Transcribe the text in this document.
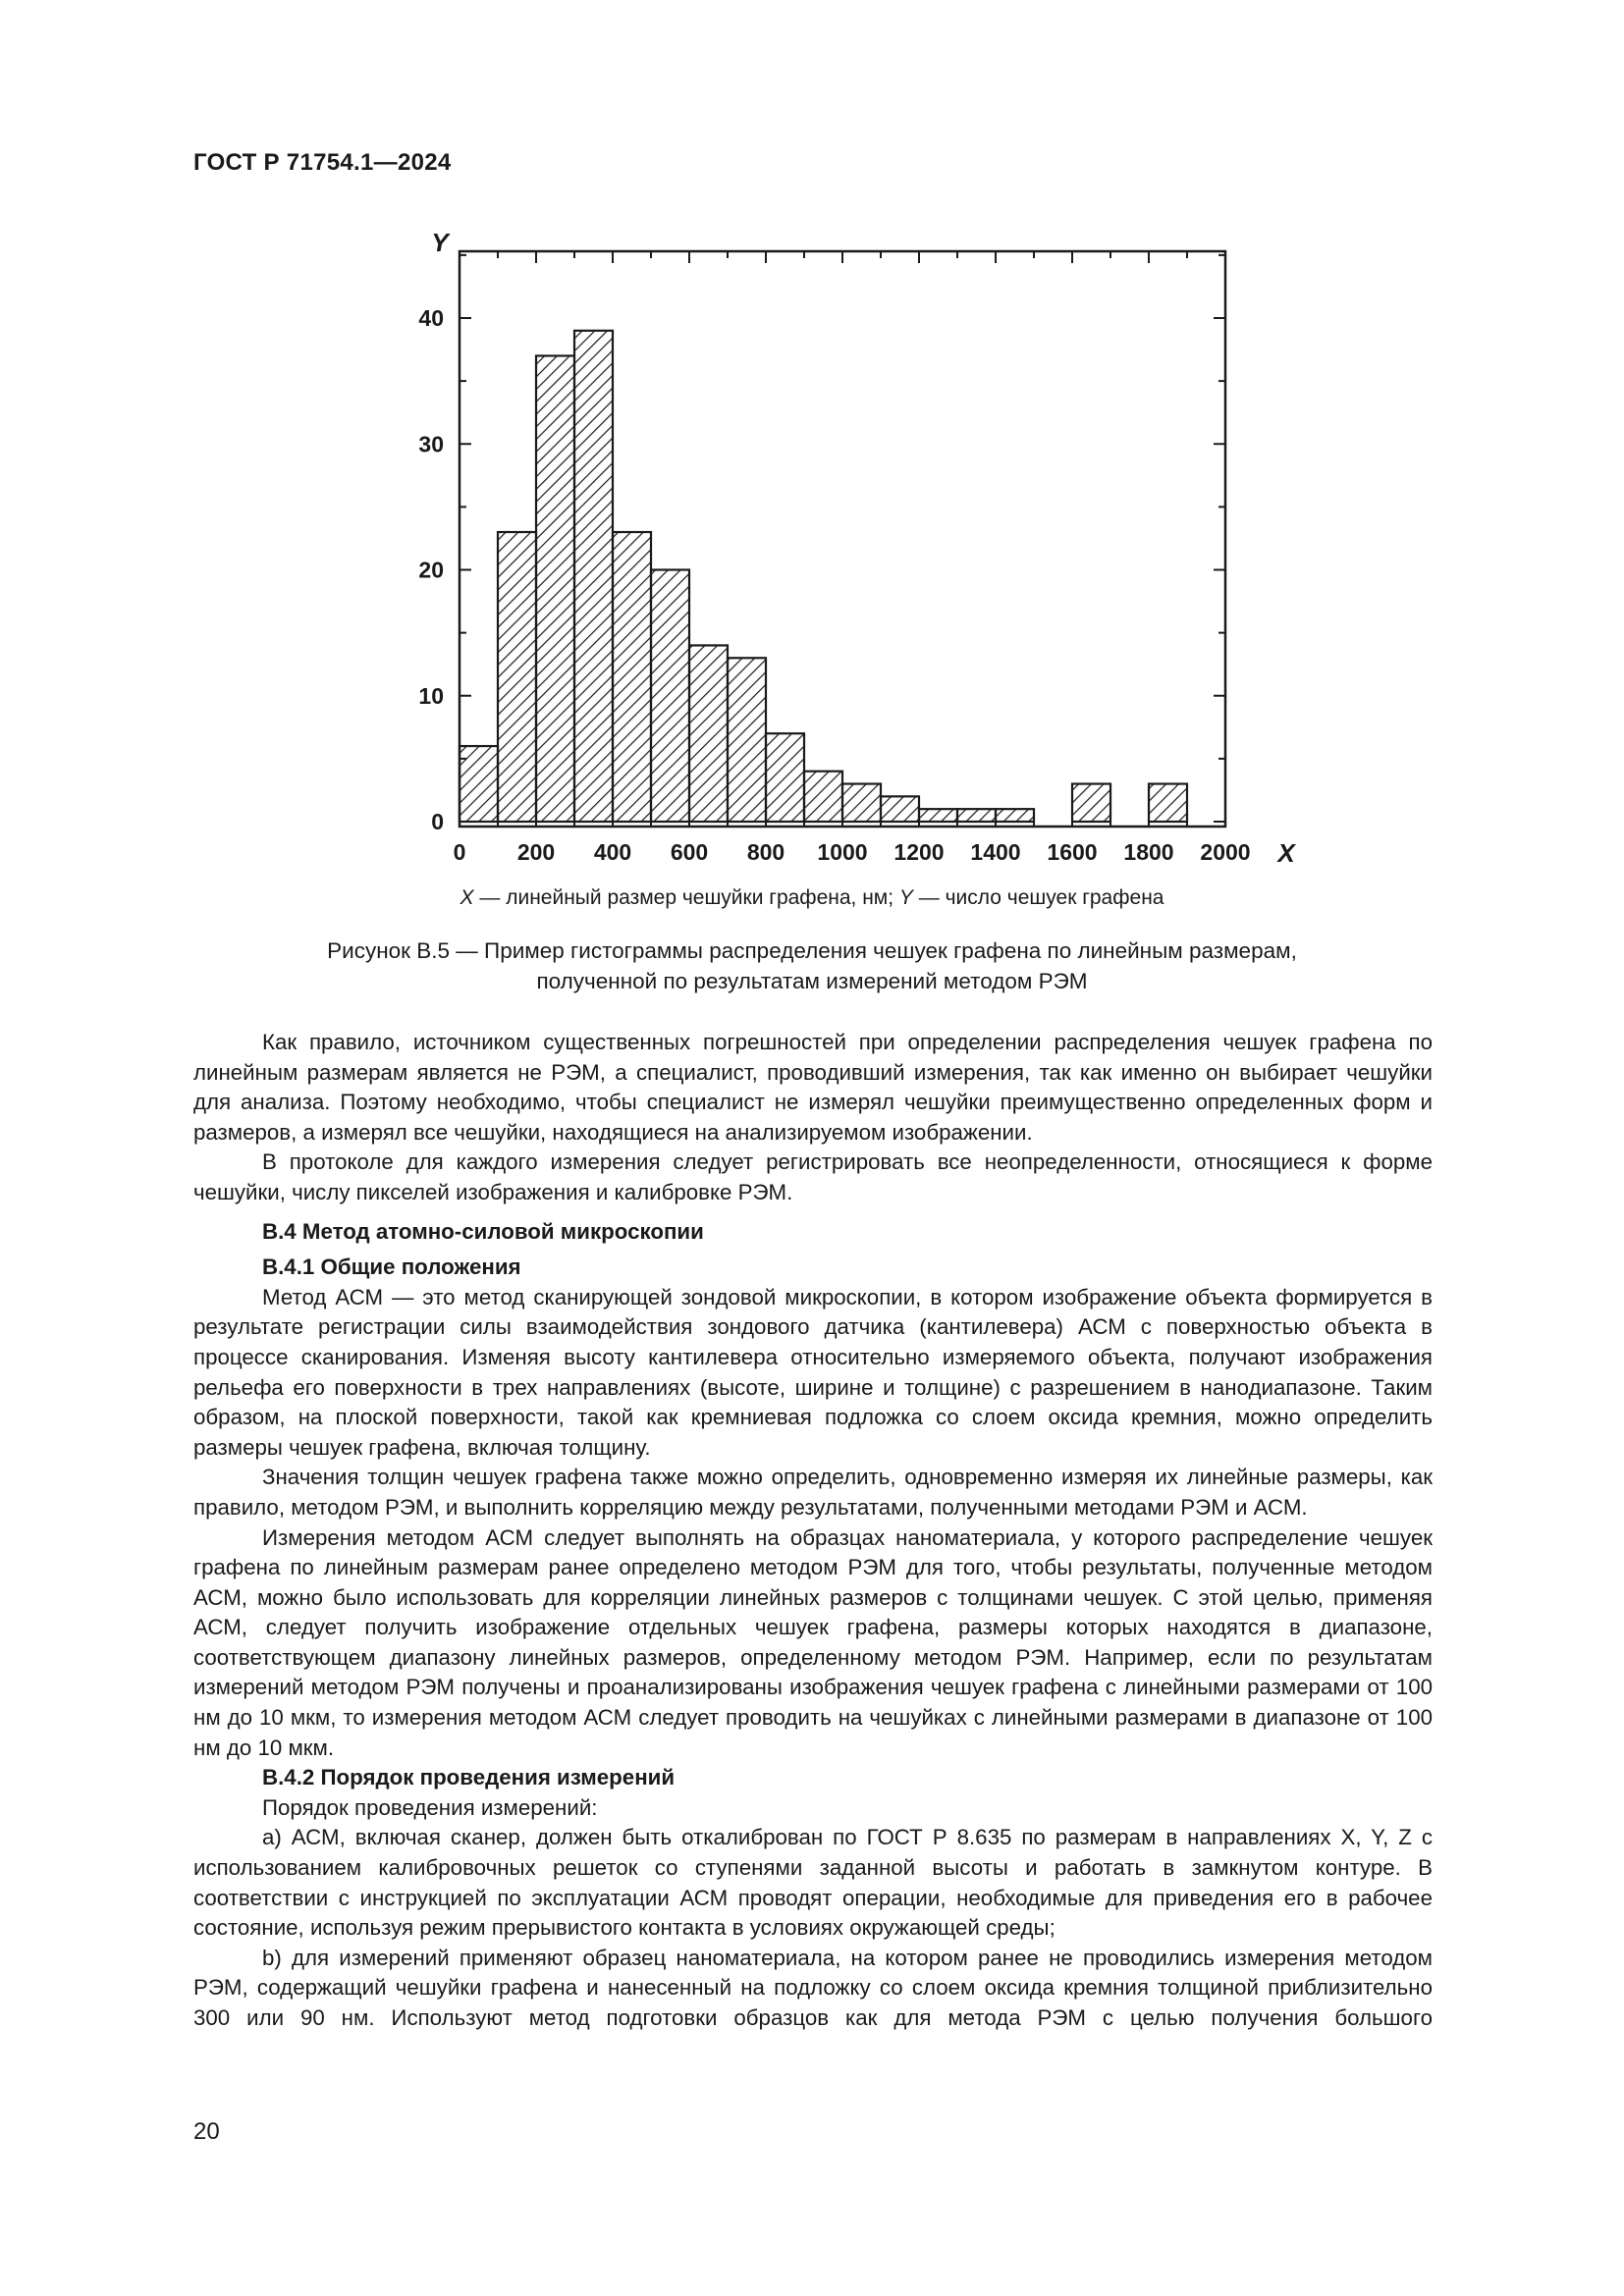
ГОСТ Р 71754.1—2024
0
10
20
30
40
0 200 400 600 800 1000 1200 1400 1600 1800 2000 X
Y
X — линейный размер чешуйки графена, нм; Y — число чешуек графена
Рисунок В.5 — Пример гистограммы распределения чешуек графена по линейным размерам,
полученной по результатам измерений методом РЭМ

Как правило, источником существенных погрешностей при определении распределения чешуек графена по линейным размерам является не РЭМ, а специалист, проводивший измерения, так как именно он выбирает чешуйки для анализа. Поэтому необходимо, чтобы специалист не измерял чешуйки преимущественно определенных форм и размеров, а измерял все чешуйки, находящиеся на анализируемом изображении.

В протоколе для каждого измерения следует регистрировать все неопределенности, относящиеся к форме чешуйки, числу пикселей изображения и калибровке РЭМ.

В.4 Метод атомно-силовой микроскопии

В.4.1 Общие положения

Метод АСМ — это метод сканирующей зондовой микроскопии, в котором изображение объекта формируется в результате регистрации силы взаимодействия зондового датчика (кантилевера) АСМ с поверхностью объекта в процессе сканирования. Изменяя высоту кантилевера относительно измеряемого объекта, получают изображения рельефа его поверхности в трех направлениях (высоте, ширине и толщине) с разрешением в нанодиапазоне. Таким образом, на плоской поверхности, такой как кремниевая подложка со слоем оксида кремния, можно определить размеры чешуек графена, включая толщину.

Значения толщин чешуек графена также можно определить, одновременно измеряя их линейные размеры, как правило, методом РЭМ, и выполнить корреляцию между результатами, полученными методами РЭМ и АСМ.

Измерения методом АСМ следует выполнять на образцах наноматериала, у которого распределение чешуек графена по линейным размерам ранее определено методом РЭМ для того, чтобы результаты, полученные методом АСМ, можно было использовать для корреляции линейных размеров с толщинами чешуек. С этой целью, применяя АСМ, следует получить изображение отдельных чешуек графена, размеры которых находятся в диапазоне, соответствующем диапазону линейных размеров, определенному методом РЭМ. Например, если по результатам измерений методом РЭМ получены и проанализированы изображения чешуек графена с линейными размерами от 100 нм до 10 мкм, то измерения методом АСМ следует проводить на чешуйках с линейными размерами в диапазоне от 100 нм до 10 мкм.

В.4.2 Порядок проведения измерений

Порядок проведения измерений:

a) АСМ, включая сканер, должен быть откалиброван по ГОСТ Р 8.635 по размерам в направлениях X, Y, Z с использованием калибровочных решеток со ступенями заданной высоты и работать в замкнутом контуре. В соответствии с инструкцией по эксплуатации АСМ проводят операции, необходимые для приведения его в рабочее состояние, используя режим прерывистого контакта в условиях окружающей среды;

b) для измерений применяют образец наноматериала, на котором ранее не проводились измерения методом РЭМ, содержащий чешуйки графена и нанесенный на подложку со слоем оксида кремния толщиной приблизительно 300 или 90 нм. Используют метод подготовки образцов как для метода РЭМ с целью получения большого

20
